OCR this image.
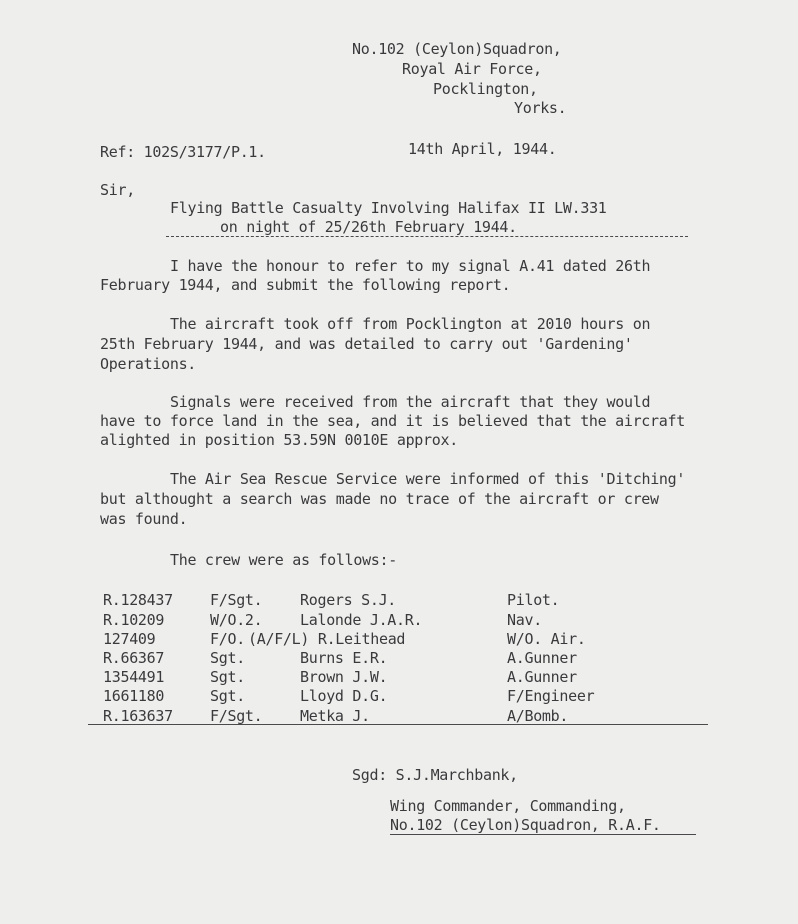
No.102 (Ceylon)Squadron,
Royal Air Force,
Pocklington,
Yorks.
Ref: 102S/3177/P.1.	14th April, 1944.
Sir,
Flying Battle Casualty Involving Halifax II LW.331
on night of 25/26th February 1944.
I have the honour to refer to my signal A.41 dated 26th
February 1944, and submit the following report.
The aircraft took off from Pocklington at 2010 hours on
25th February 1944, and was detailed to carry out 'Gardening'
Operations.
Signals were received from the aircraft that they would
have to force land in the sea, and it is believed that the aircraft
alighted in position 53.59N 0010E approx.
The Air Sea Rescue Service were informed of this 'Ditching'
but althought a search was made no trace of the aircraft or crew
was found.
The crew were as follows:-
R.128437 F/Sgt.	Rogers S.J.	Pilot.
R.10209	W/O.2.	Lalonde J.A.R.	Nav.
127409	F/O. (A/F/L) R.Leithead	W/O. Air.
R.66367	Sgt.	Burns E.R.	A.Gunner
1354491	Sgt.	Brown J.W.	A.Gunner
1661180	Sgt.	Lloyd D.G.	F/Engineer
R.163637 F/Sgt.	Metka J.	A/Bomb.
Sgd: S.J.Marchbank,
Wing Commander, Commanding,
No.102 (Ceylon)Squadron, R.A.F.
